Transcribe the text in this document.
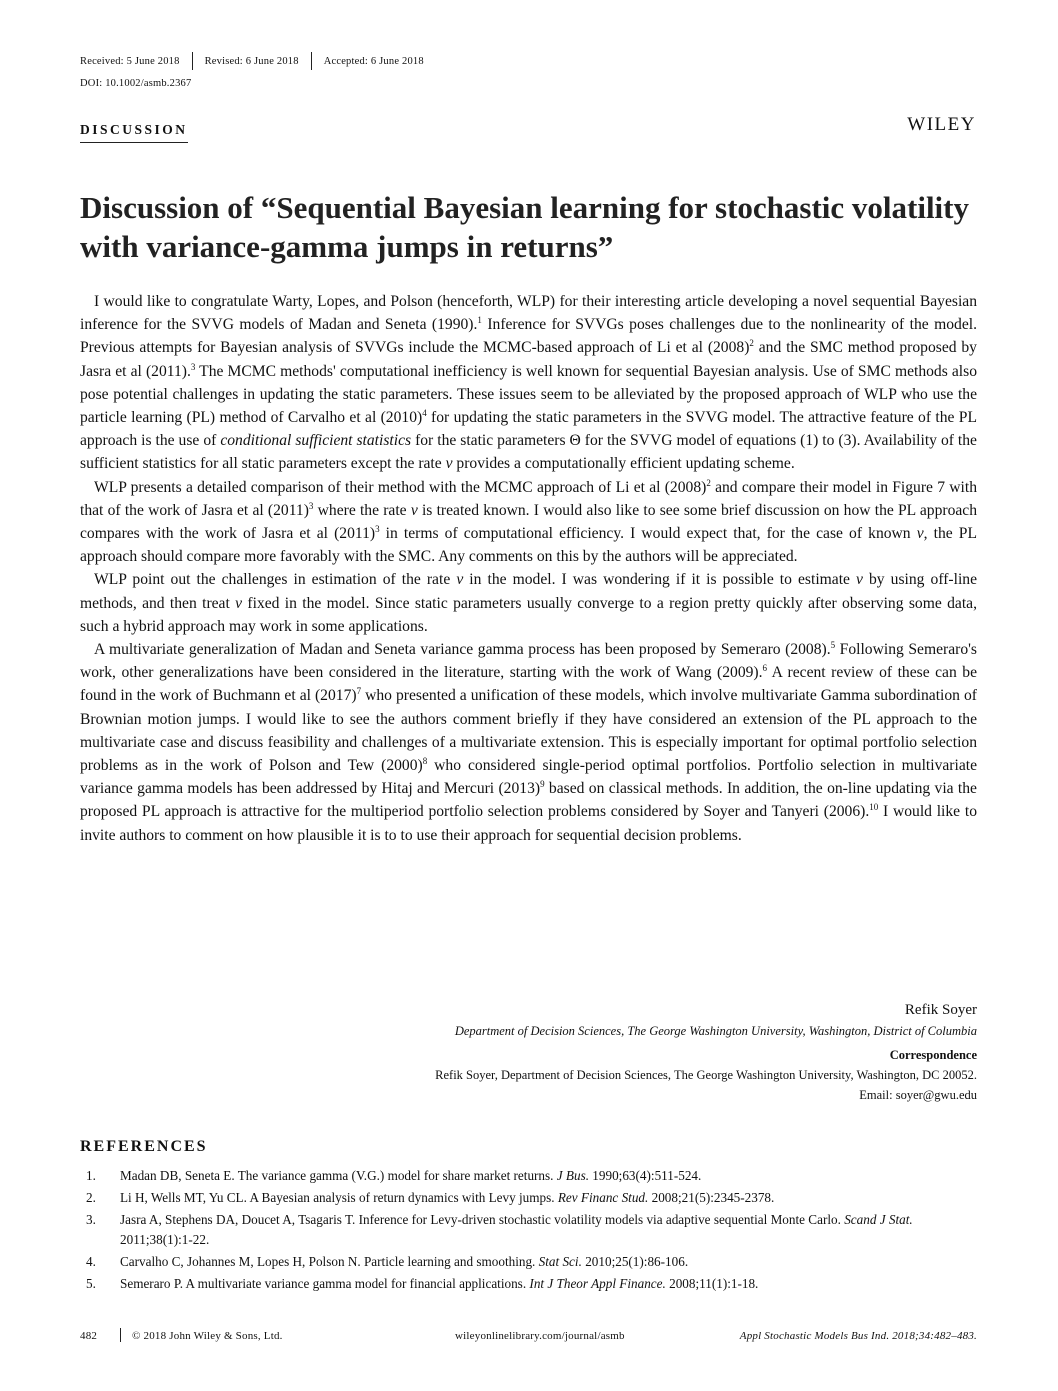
Received: 5 June 2018 Revised: 6 June 2018 Accepted: 6 June 2018
DOI: 10.1002/asmb.2367
DISCUSSION	WILEY
Discussion of “Sequential Bayesian learning for stochastic volatility with variance-gamma jumps in returns”

I would like to congratulate Warty, Lopes, and Polson (henceforth, WLP) for their interesting article developing a novel sequential Bayesian inference for the SVVG models of Madan and Seneta (1990).$^1$ Inference for SVVGs poses challenges due to the nonlinearity of the model. Previous attempts for Bayesian analysis of SVVGs include the MCMC-based approach of Li et al $(2008)^2$ and the SMC method proposed by Jasra et al (2011).$^3$ The MCMC methods' computational inefficiency is well known for sequential Bayesian analysis. Use of SMC methods also pose potential challenges in updating the static parameters. These issues seem to be alleviated by the proposed approach of WLP who use the particle learning (PL) method of Carvalho et al $(2010)^4$ for updating the static parameters in the SVVG model. The attractive feature of the PL approach is the use of conditional sufficient statistics for the static parameters Θ for the SVVG model of equations (1) to (3). Availability of the sufficient statistics for all static parameters except the rate ν provides a computationally efficient updating scheme.

WLP presents a detailed comparison of their method with the MCMC approach of Li et al $(2008)^2$ and compare their model in Figure 7 with that of the work of Jasra et al $(2011)^3$ where the rate ν is treated known. I would also like to see some brief discussion on how the PL approach compares with the work of Jasra et al $(2011)^3$ in terms of computational efficiency. I would expect that, for the case of known ν, the PL approach should compare more favorably with the SMC. Any comments on this by the authors will be appreciated.

WLP point out the challenges in estimation of the rate ν in the model. I was wondering if it is possible to estimate ν by using off-line methods, and then treat ν fixed in the model. Since static parameters usually converge to a region pretty quickly after observing some data, such a hybrid approach may work in some applications.

A multivariate generalization of Madan and Seneta variance gamma process has been proposed by Semeraro (2008).$^5$ Following Semeraro's work, other generalizations have been considered in the literature, starting with the work of Wang (2009).$^6$ A recent review of these can be found in the work of Buchmann et al $(2017)^7$ who presented a unification of these models, which involve multivariate Gamma subordination of Brownian motion jumps. I would like to see the authors comment briefly if they have considered an extension of the PL approach to the multivariate case and discuss feasibility and challenges of a multivariate extension. This is especially important for optimal portfolio selection problems as in the work of Polson and Tew $(2000)^8$ who considered single-period optimal portfolios. Portfolio selection in multivariate variance gamma models has been addressed by Hitaj and Mercuri $(2013)^9$ based on classical methods. In addition, the on-line updating via the proposed PL approach is attractive for the multiperiod portfolio selection problems considered by Soyer and Tanyeri (2006).$^{10}$ I would like to invite authors to comment on how plausible it is to to use their approach for sequential decision problems.

Refik Soyer
Department of Decision Sciences, The George Washington University, Washington, District of Columbia
Correspondence
Refik Soyer, Department of Decision Sciences, The George Washington University, Washington, DC 20052.
Email: soyer@gwu.edu
REFERENCES
1.	Madan DB, Seneta E. The variance gamma (V.G.) model for share market returns. J Bus. 1990;63(4):511-524.
2.	Li H, Wells MT, Yu CL. A Bayesian analysis of return dynamics with Levy jumps. Rev Financ Stud. 2008;21(5):2345-2378.
3.	Jasra A, Stephens DA, Doucet A, Tsagaris T. Inference for Levy-driven stochastic volatility models via adaptive sequential Monte Carlo. Scand J Stat. 2011;38(1):1-22.
4.	Carvalho C, Johannes M, Lopes H, Polson N. Particle learning and smoothing. Stat Sci. 2010;25(1):86-106.
5.	Semeraro P. A multivariate variance gamma model for financial applications. Int J Theor Appl Finance. 2008;11(1):1-18.
482	© 2018 John Wiley & Sons, Ltd.	wileyonlinelibrary.com/journal/asmb	Appl Stochastic Models Bus Ind. 2018;34:482–483.
